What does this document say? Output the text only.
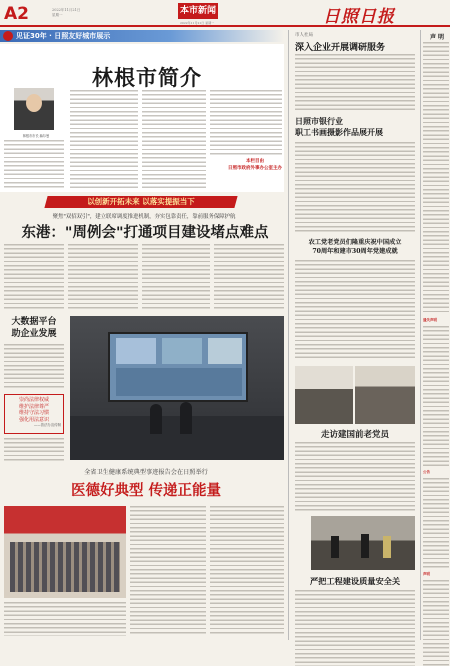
A2	2022年11月21日
星期一	本市新闻
2022年11月21日 星期一	日照日报
见证30年 · 日照友好城市展示
林根市简介
林根市市长 赫尔曼
本栏目由
日照市政府外事办公室主办
以创新开拓未来 以落实提振当下
聚焦"双招双引"，建立联席调度推进机制，夯实包靠责任，靠前服务保障护航
东港："周例会"打通项目建设堵点难点
大数据平台
助企业发展
崇尚法律权威
维护法律尊严
维持守法习惯
强化用法意识
——普法办宣传制
全省卫生健康系统典型事迹报告会在日照举行
医德好典型 传递正能量
市人社局
深入企业开展调研服务
日照市银行业
职工书画摄影作品展开展
农工党老党员们隆重庆祝中国成立
70周年和建市30周年党建成就
走访建国前老党员
严把工程建设质量安全关
声 明
遗失声明
公告
声明
